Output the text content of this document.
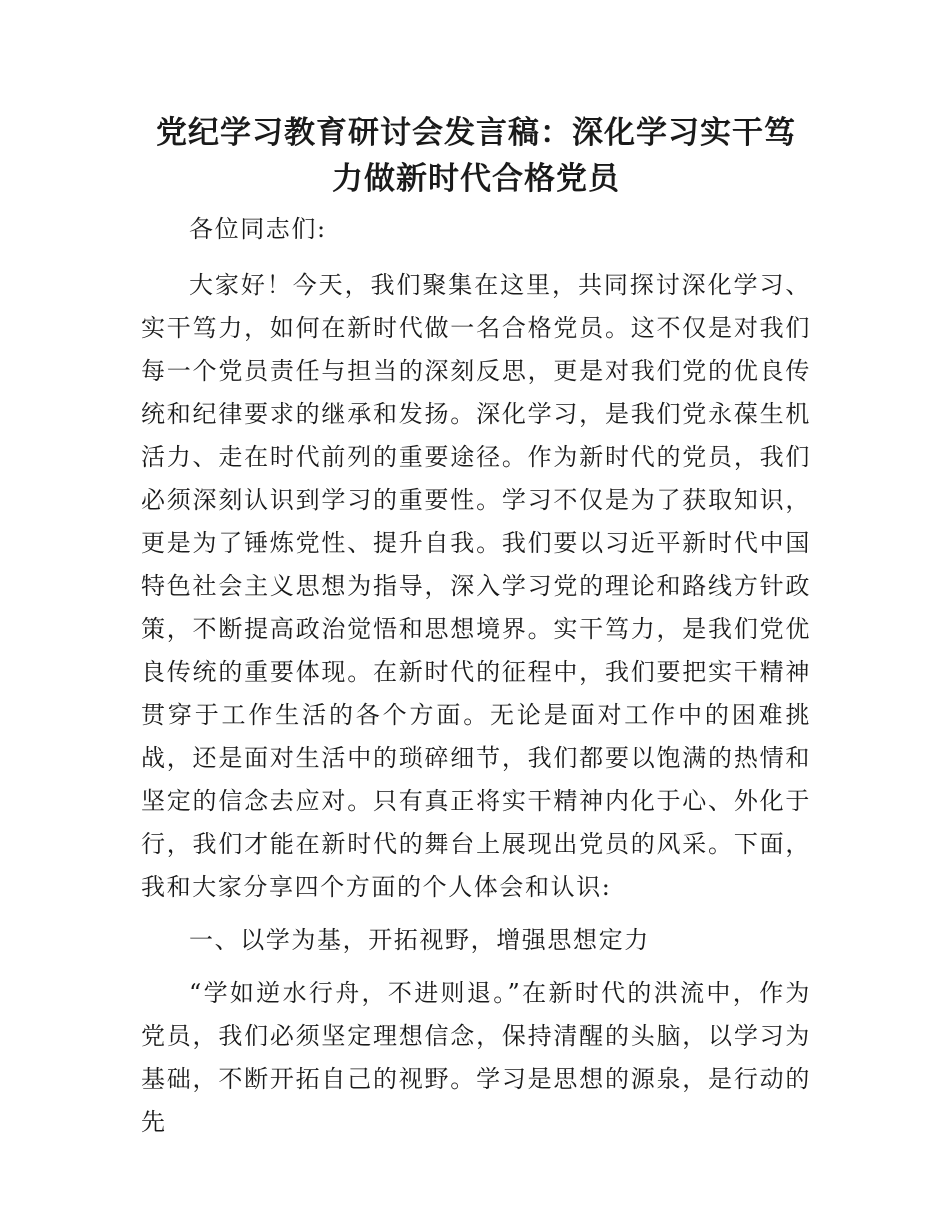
党纪学习教育研讨会发言稿：深化学习实干笃力做新时代合格党员

各位同志们:

大家好！今天，我们聚集在这里，共同探讨深化学习、实干笃力，如何在新时代做一名合格党员。这不仅是对我们每一个党员责任与担当的深刻反思，更是对我们党的优良传统和纪律要求的继承和发扬。深化学习，是我们党永葆生机活力、走在时代前列的重要途径。作为新时代的党员，我们必须深刻认识到学习的重要性。学习不仅是为了获取知识，更是为了锤炼党性、提升自我。我们要以习近平新时代中国特色社会主义思想为指导，深入学习党的理论和路线方针政策，不断提高政治觉悟和思想境界。实干笃力，是我们党优良传统的重要体现。在新时代的征程中，我们要把实干精神贯穿于工作生活的各个方面。无论是面对工作中的困难挑战，还是面对生活中的琐碎细节，我们都要以饱满的热情和坚定的信念去应对。只有真正将实干精神内化于心、外化于行，我们才能在新时代的舞台上展现出党员的风采。下面，我和大家分享四个方面的个人体会和认识:

一、以学为基，开拓视野，增强思想定力

“学如逆水行舟，不进则退。”在新时代的洪流中，作为党员，我们必须坚定理想信念，保持清醒的头脑，以学习为基础，不断开拓自己的视野。学习是思想的源泉，是行动的先
